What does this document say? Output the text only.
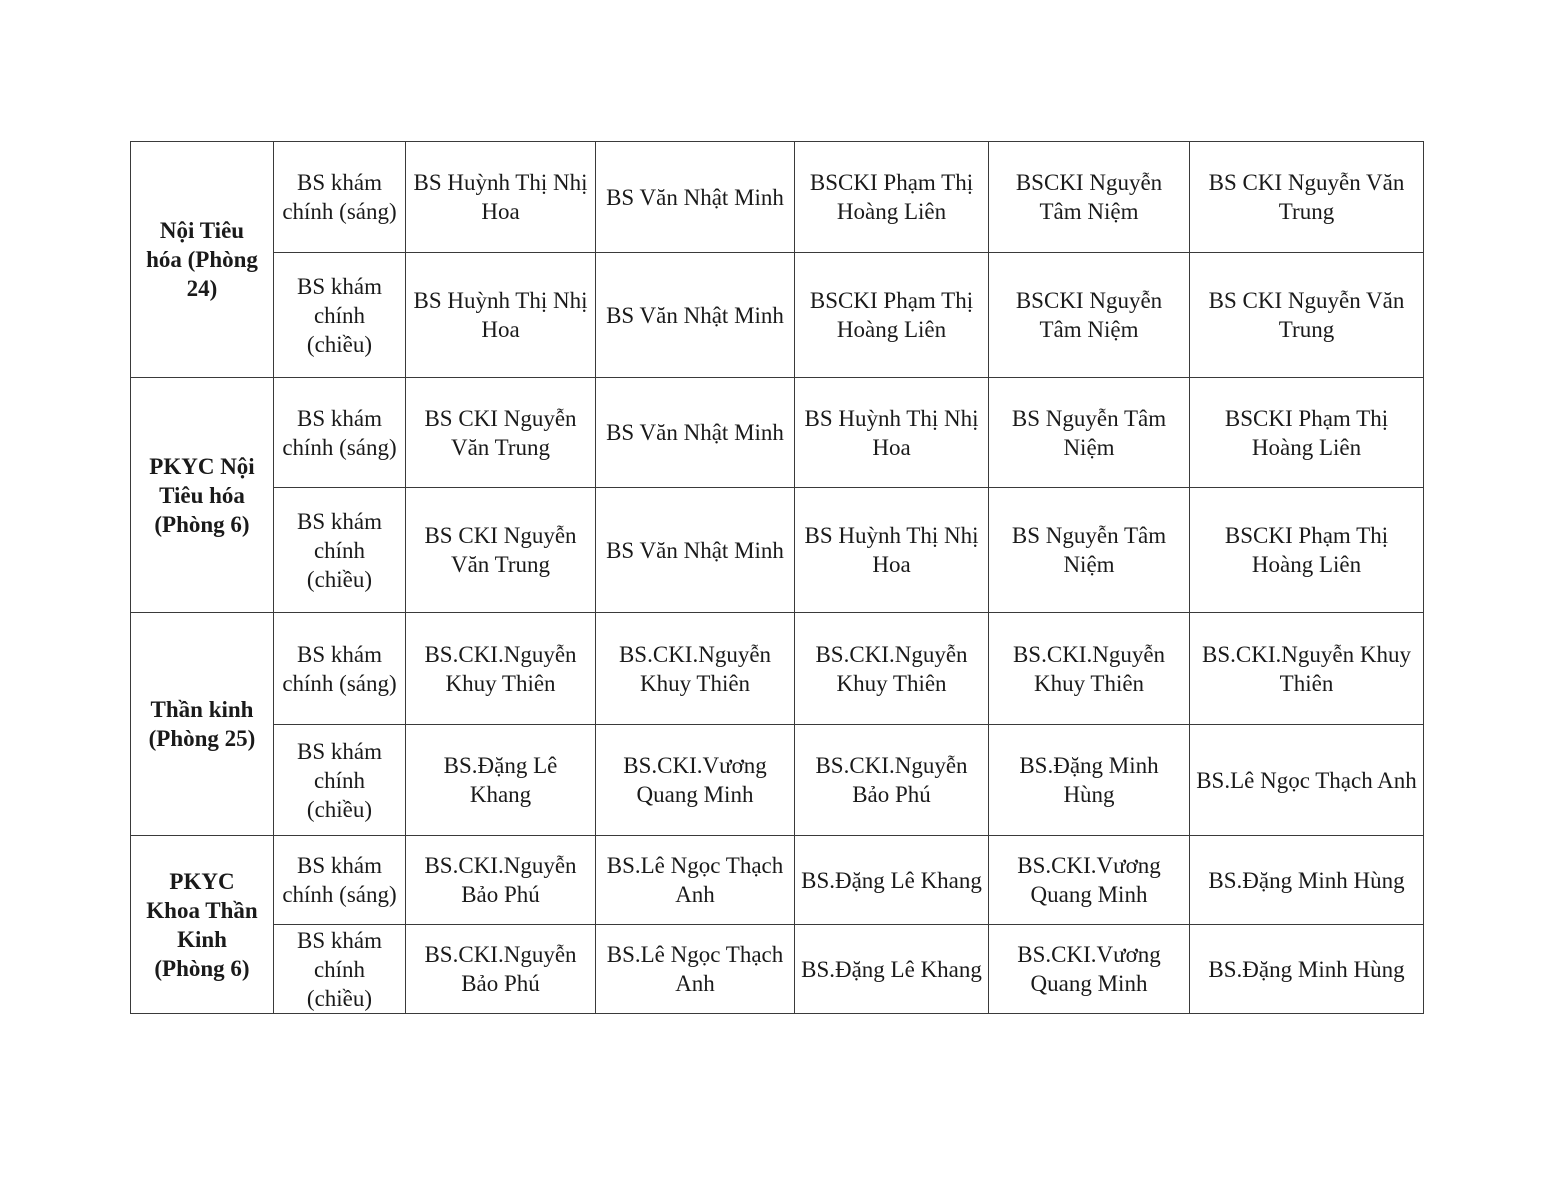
Nội Tiêu hóa (Phòng 24)	BS khám chính (sáng)	BS Huỳnh Thị Nhị Hoa	BS Văn Nhật Minh	BSCKI Phạm Thị Hoàng Liên	BSCKI Nguyễn Tâm Niệm	BS CKI Nguyễn Văn Trung

	BS khám chính (chiều)	BS Huỳnh Thị Nhị Hoa	BS Văn Nhật Minh	BSCKI Phạm Thị Hoàng Liên	BSCKI Nguyễn Tâm Niệm	BS CKI Nguyễn Văn Trung

PKYC Nội Tiêu hóa (Phòng 6)	BS khám chính (sáng)	BS CKI Nguyễn Văn Trung	BS Văn Nhật Minh	BS Huỳnh Thị Nhị Hoa	BS Nguyễn Tâm Niệm	BSCKI Phạm Thị Hoàng Liên

	BS khám chính (chiều)	BS CKI Nguyễn Văn Trung	BS Văn Nhật Minh	BS Huỳnh Thị Nhị Hoa	BS Nguyễn Tâm Niệm	BSCKI Phạm Thị Hoàng Liên

Thần kinh (Phòng 25)	BS khám chính (sáng)	BS.CKI.Nguyễn Khuy Thiên	BS.CKI.Nguyễn Khuy Thiên	BS.CKI.Nguyễn Khuy Thiên	BS.CKI.Nguyễn Khuy Thiên	BS.CKI.Nguyễn Khuy Thiên

	BS khám chính (chiều)	BS.Đặng Lê Khang	BS.CKI.Vương Quang Minh	BS.CKI.Nguyễn Bảo Phú	BS.Đặng Minh Hùng	BS.Lê Ngọc Thạch Anh

PKYC Khoa Thần Kinh (Phòng 6)	BS khám chính (sáng)	BS.CKI.Nguyễn Bảo Phú	BS.Lê Ngọc Thạch Anh	BS.Đặng Lê Khang	BS.CKI.Vương Quang Minh	BS.Đặng Minh Hùng

	BS khám chính (chiều)	BS.CKI.Nguyễn Bảo Phú	BS.Lê Ngọc Thạch Anh	BS.Đặng Lê Khang	BS.CKI.Vương Quang Minh	BS.Đặng Minh Hùng
